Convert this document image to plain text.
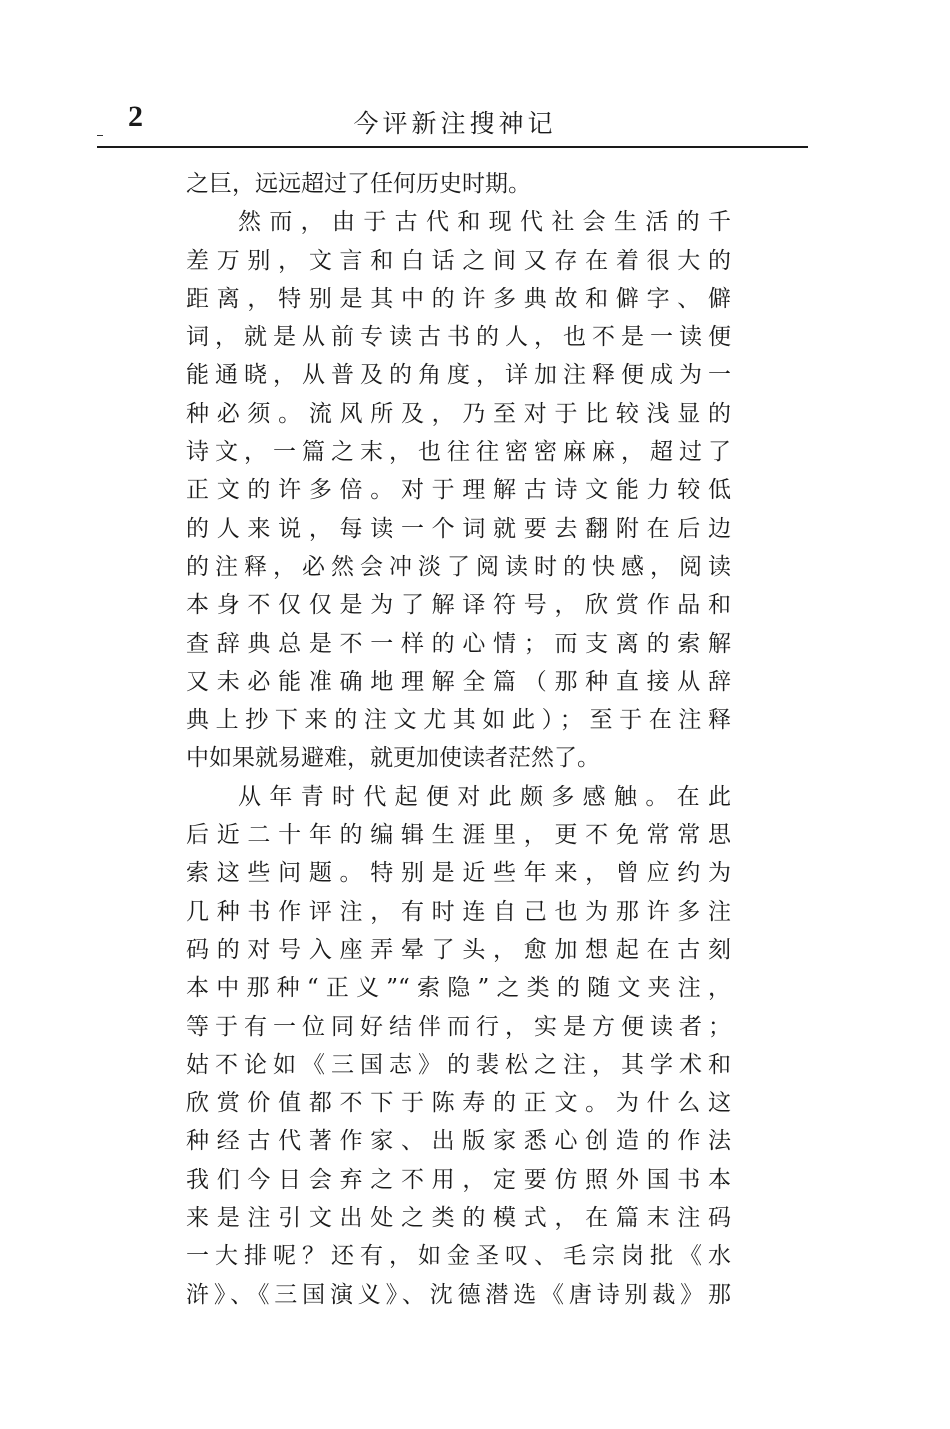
2	今评新注搜神记
之巨，远远超过了任何历史时期。
然而，由于古代和现代社会生活的千
差万别，文言和白话之间又存在着很大的
距离，特别是其中的许多典故和僻字、僻
词，就是从前专读古书的人，也不是一读便
能通晓，从普及的角度，详加注释便成为一
种必须。流风所及，乃至对于比较浅显的
诗文，一篇之末，也往往密密麻麻，超过了
正文的许多倍。对于理解古诗文能力较低
的人来说，每读一个词就要去翻附在后边
的注释，必然会冲淡了阅读时的快感，阅读
本身不仅仅是为了解译符号，欣赏作品和
查辞典总是不一样的心情；而支离的索解
又未必能准确地理解全篇（那种直接从辞
典上抄下来的注文尤其如此）；至于在注释
中如果就易避难，就更加使读者茫然了。
从年青时代起便对此颇多感触。在此
后近二十年的编辑生涯里，更不免常常思
索这些问题。特别是近些年来，曾应约为
几种书作评注，有时连自己也为那许多注
码的对号入座弄晕了头，愈加想起在古刻
本中那种“正义”“索隐”之类的随文夹注，
等于有一位同好结伴而行，实是方便读者；
姑不论如《三国志》的裴松之注，其学术和
欣赏价值都不下于陈寿的正文。为什么这
种经古代著作家、出版家悉心创造的作法
我们今日会弃之不用，定要仿照外国书本
来是注引文出处之类的模式，在篇末注码
一大排呢？还有，如金圣叹、毛宗岗批《水
浒》、《三国演义》、沈德潜选《唐诗别裁》那
